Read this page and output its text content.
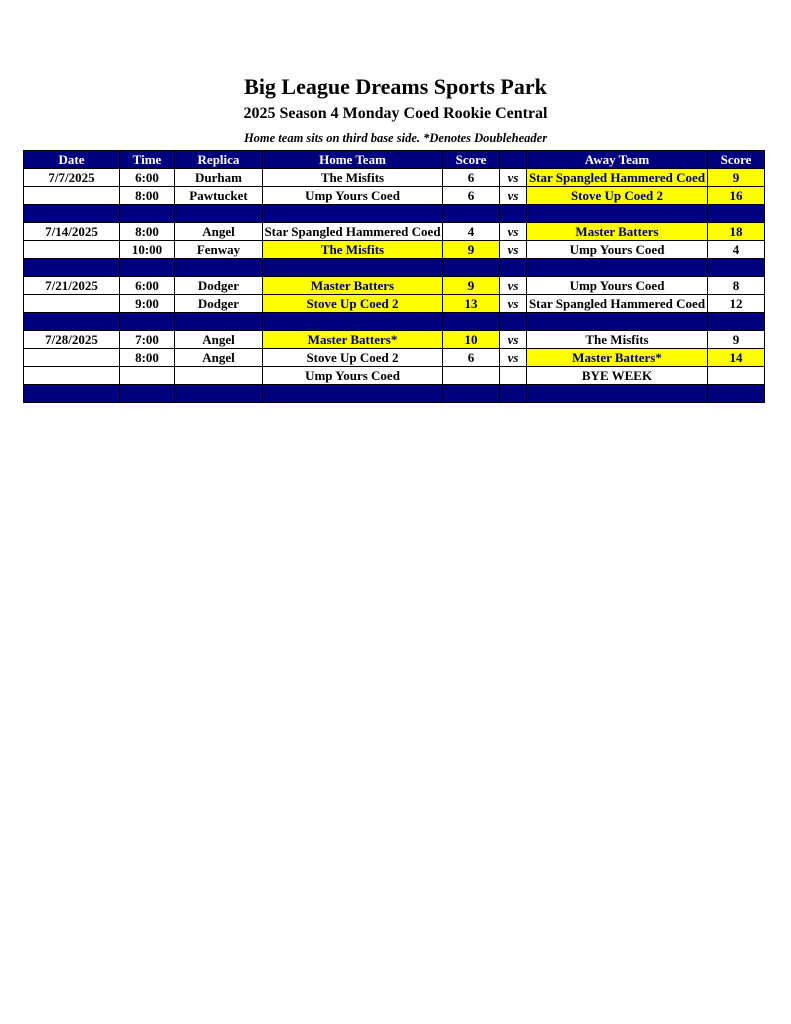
Big League Dreams Sports Park
2025 Season 4 Monday Coed Rookie Central
Home team sits on third base side. *Denotes Doubleheader
Date	Time	Replica	Home Team	Score		Away Team	Score
7/7/2025	6:00	Durham	The Misfits	6	vs	Star Spangled Hammered Coed	9
	8:00	Pawtucket	Ump Yours Coed	6	vs	Stove Up Coed 2	16

7/14/2025	8:00	Angel	Star Spangled Hammered Coed	4	vs	Master Batters	18
	10:00	Fenway	The Misfits	9	vs	Ump Yours Coed	4

7/21/2025	6:00	Dodger	Master Batters	9	vs	Ump Yours Coed	8
	9:00	Dodger	Stove Up Coed 2	13	vs	Star Spangled Hammered Coed	12

7/28/2025	7:00	Angel	Master Batters*	10	vs	The Misfits	9
	8:00	Angel	Stove Up Coed 2	6	vs	Master Batters*	14
			Ump Yours Coed			BYE WEEK	
